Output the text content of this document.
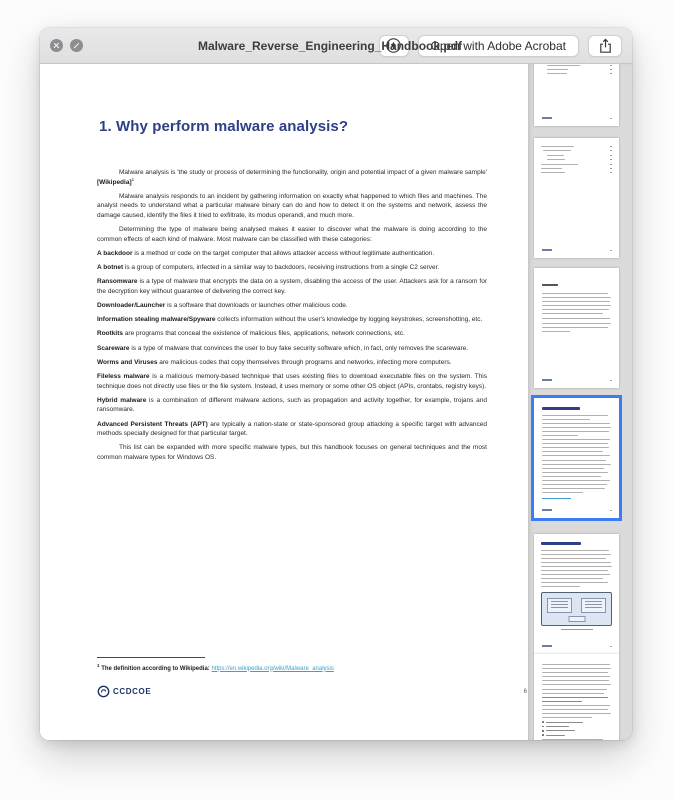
Malware_Reverse_Engineering_Handbook.pdf
Open with Adobe Acrobat
1. Why perform malware analysis?

Malware analysis is 'the study or process of determining the functionality, origin and potential impact of a given malware sample' [Wikipedia]$^1$

Malware analysis responds to an incident by gathering information on exactly what happened to which files and machines. The analyst needs to understand what a particular malware binary can do and how to detect it on the systems and network, assess the damage caused, identify the files it tried to exfiltrate, its modus operandi, and much more.

Determining the type of malware being analysed makes it easier to discover what the malware is doing according to the common effects of each kind of malware. Most malware can be classified with these categories:

A backdoor is a method or code on the target computer that allows attacker access without legitimate authentication.

A botnet is a group of computers, infected in a similar way to backdoors, receiving instructions from a single C2 server.

Ransomware is a type of malware that encrypts the data on a system, disabling the access of the user. Attackers ask for a ransom for the decryption key without guarantee of delivering the correct key.

Downloader/Launcher is a software that downloads or launches other malicious code.

Information stealing malware/Spyware collects information without the user's knowledge by logging keystrokes, screenshotting, etc.

Rootkits are programs that conceal the existence of malicious files, applications, network connections, etc.

Scareware is a type of malware that convinces the user to buy fake security software which, in fact, only removes the scareware.

Worms and Viruses are malicious codes that copy themselves through programs and networks, infecting more computers.

Fileless malware is a malicious memory-based technique that uses existing files to download executable files on the system. This technique does not directly use files or the file system. Instead, it uses memory or some other OS object (APIs, crontabs, registry keys).

Hybrid malware is a combination of different malware actions, such as propagation and activity together, for example, trojans and ransomware.

Advanced Persistent Threats (APT) are typically a nation-state or state-sponsored group attacking a specific target with advanced methods specially designed for that particular target.

This list can be expanded with more specific malware types, but this handbook focuses on general techniques and the most common malware types for Windows OS.

$^1$ The definition according to Wikipedia: https://en.wikipedia.org/wiki/Malware_analysis
CCDCOE	6
